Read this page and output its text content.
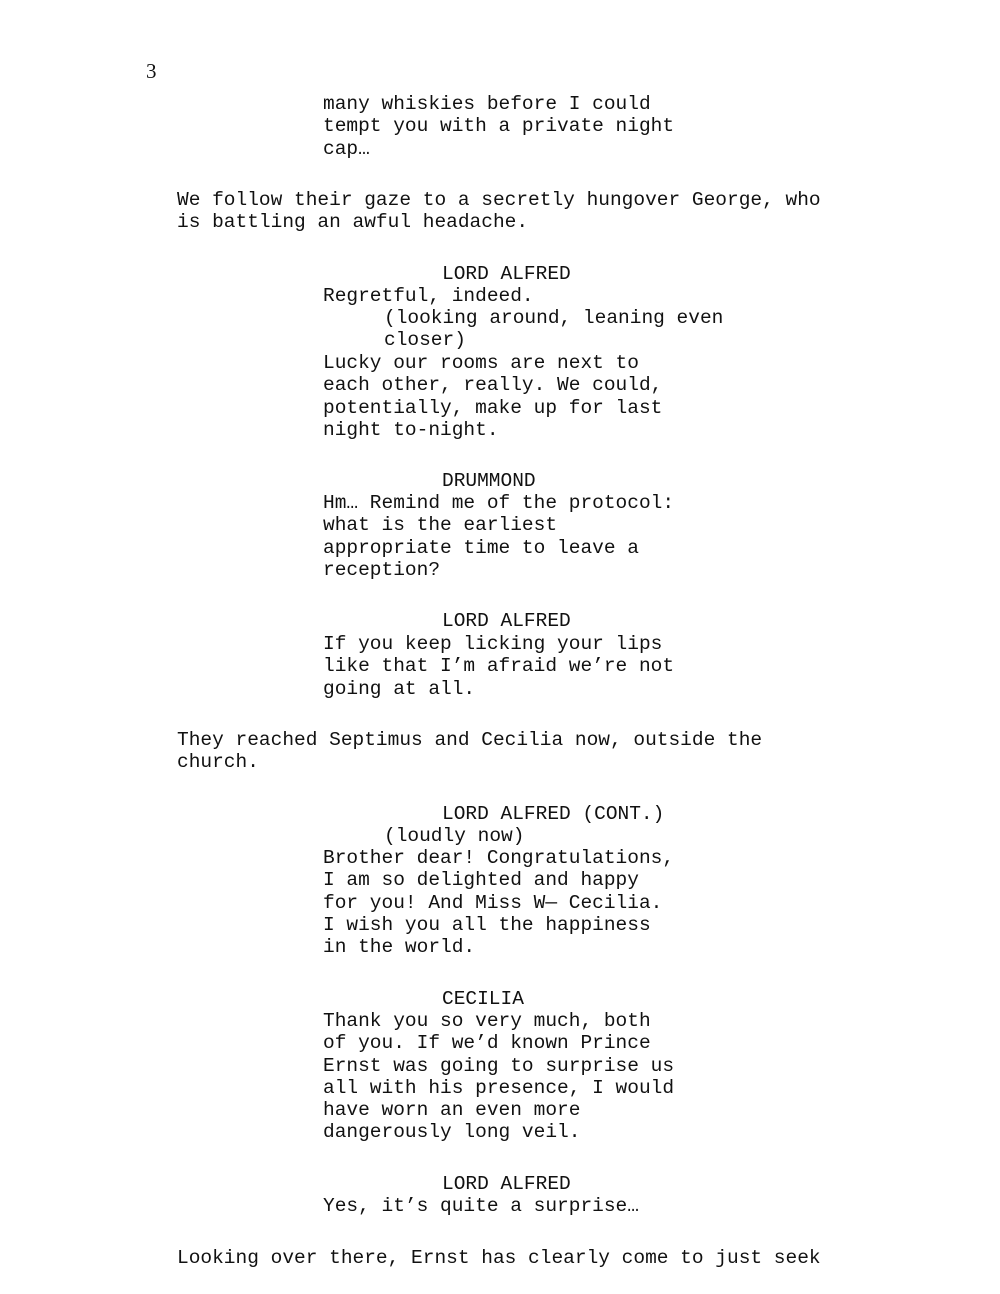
3
many whiskies before I could
tempt you with a private night
cap…
We follow their gaze to a secretly hungover George, who
is battling an awful headache.
LORD ALFRED
Regretful, indeed.
(looking around, leaning even
closer)
Lucky our rooms are next to
each other, really. We could,
potentially, make up for last
night to-night.
DRUMMOND
Hm… Remind me of the protocol:
what is the earliest
appropriate time to leave a
reception?
LORD ALFRED
If you keep licking your lips
like that I’m afraid we’re not
going at all.
They reached Septimus and Cecilia now, outside the
church.
LORD ALFRED (CONT.)
(loudly now)
Brother dear! Congratulations,
I am so delighted and happy
for you! And Miss W— Cecilia.
I wish you all the happiness
in the world.
CECILIA
Thank you so very much, both
of you. If we’d known Prince
Ernst was going to surprise us
all with his presence, I would
have worn an even more
dangerously long veil.
LORD ALFRED
Yes, it’s quite a surprise…
Looking over there, Ernst has clearly come to just seek
